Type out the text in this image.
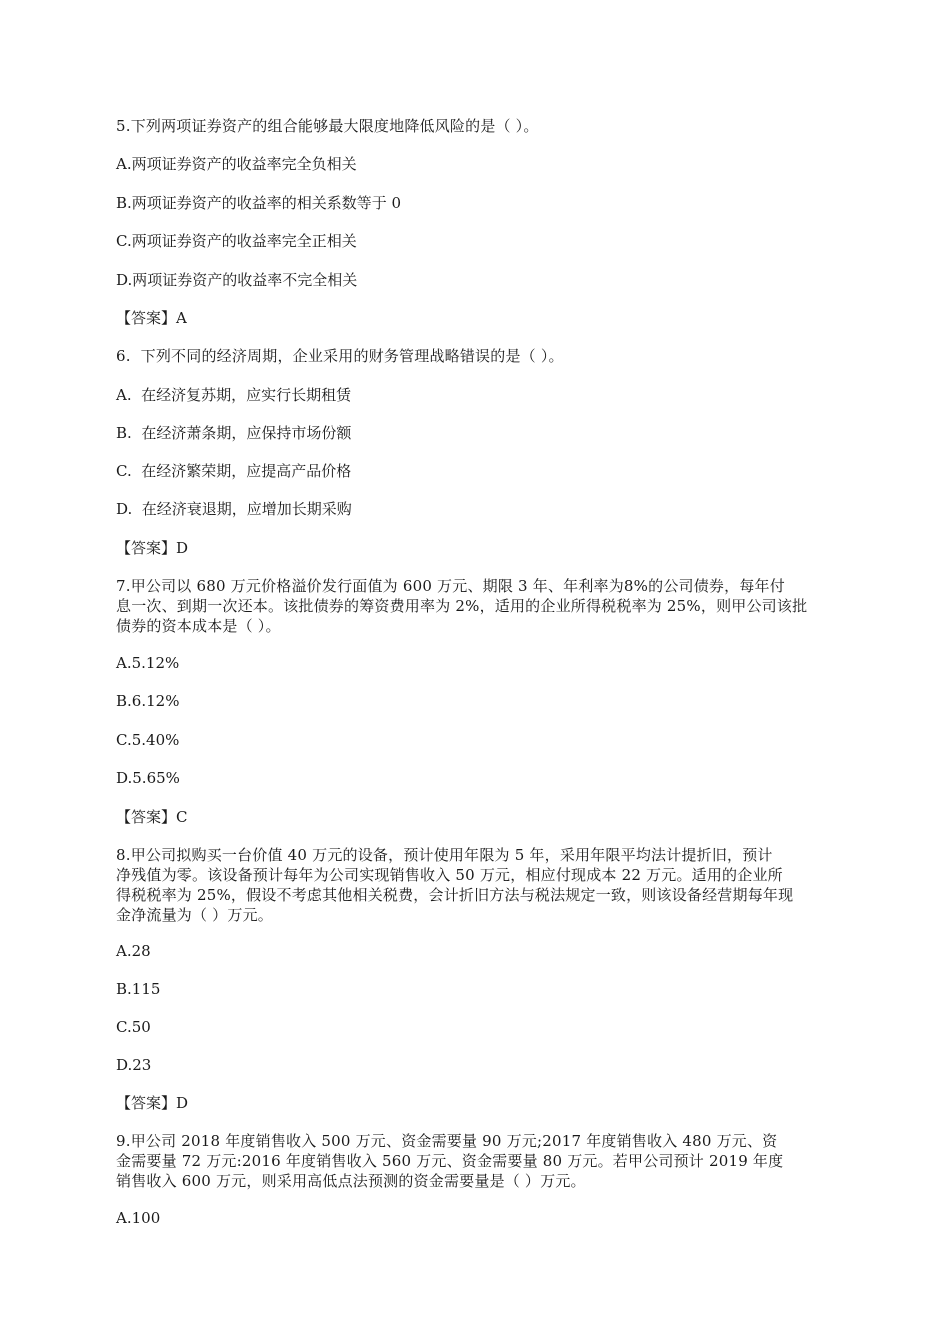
5.下列两项证券资产的组合能够最大限度地降低风险的是（ ）。
A.两项证券资产的收益率完全负相关
B.两项证券资产的收益率的相关系数等于 0
C.两项证券资产的收益率完全正相关
D.两项证券资产的收益率不完全相关
【答案】A
6.  下列不同的经济周期，企业采用的财务管理战略错误的是（ ）。
A.  在经济复苏期，应实行长期租赁
B.  在经济萧条期，应保持市场份额
C.  在经济繁荣期，应提高产品价格
D.  在经济衰退期，应增加长期采购
【答案】D
7.甲公司以 680 万元价格溢价发行面值为 600 万元、期限 3 年、年利率为8%的公司债券，每年付
息一次、到期一次还本。该批债券的筹资费用率为 2%，适用的企业所得税税率为 25%，则甲公司该批
债券的资本成本是（ ）。
A.5.12%
B.6.12%
C.5.40%
D.5.65%
【答案】C
8.甲公司拟购买一台价值 40 万元的设备，预计使用年限为 5 年，采用年限平均法计提折旧，预计
净残值为零。该设备预计每年为公司实现销售收入 50 万元，相应付现成本 22 万元。适用的企业所
得税税率为 25%，假设不考虑其他相关税费，会计折旧方法与税法规定一致，则该设备经营期每年现
金净流量为（ ）万元。
A.28
B.115
C.50
D.23
【答案】D
9.甲公司 2018 年度销售收入 500 万元、资金需要量 90 万元;2017 年度销售收入 480 万元、资
金需要量 72 万元:2016 年度销售收入 560 万元、资金需要量 80 万元。若甲公司预计 2019 年度
销售收入 600 万元，则采用高低点法预测的资金需要量是（ ）万元。
A.100
